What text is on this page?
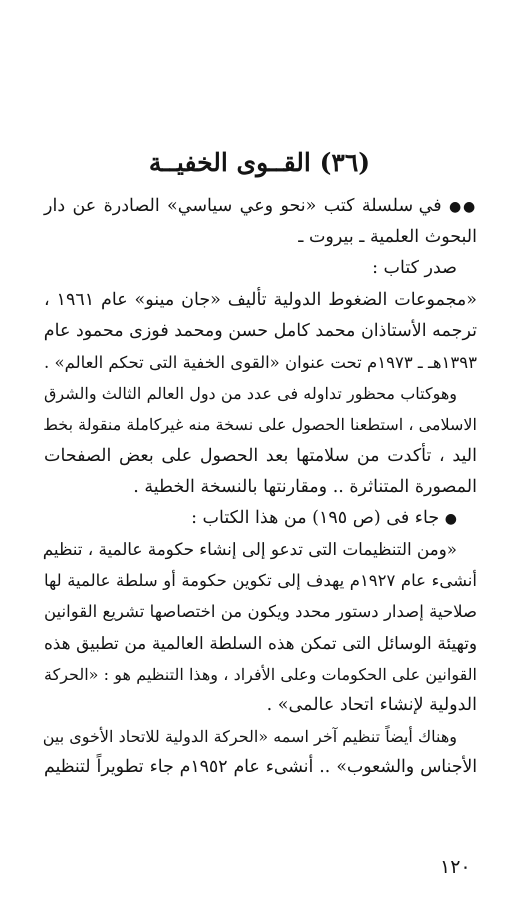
(٣٦) القــوى الخفيــة
●● في سلسلة كتب «نحو وعي سياسي» الصادرة عن دار
البحوث العلمية ـ بيروت ـ
صدر كتاب :
«مجموعات الضغوط الدولية تأليف «جان مينو» عام ١٩٦١ ،
ترجمه الأستاذان محمد كامل حسن ومحمد فوزى محمود عام
١٣٩٣هـ ـ ١٩٧٣م تحت عنوان «القوى الخفية التى تحكم العالم» .
وهوكتاب محظور تداوله فى عدد من دول العالم الثالث والشرق
الاسلامى ، استطعنا الحصول على نسخة منه غيركاملة منقولة بخط
اليد ، تأكدت من سلامتها بعد الحصول على بعض الصفحات
المصورة المتناثرة .. ومقارنتها بالنسخة الخطية .
● جاء فى (ص ١٩٥) من هذا الكتاب :
«ومن التنظيمات التى تدعو إلى إنشاء حكومة عالمية ، تنظيم
أنشىء عام ١٩٢٧م يهدف إلى تكوين حكومة أو سلطة عالمية لها
صلاحية إصدار دستور محدد ويكون من اختصاصها تشريع القوانين
وتهيئة الوسائل التى تمكن هذه السلطة العالمية من تطبيق هذه
القوانين على الحكومات وعلى الأفراد ، وهذا التنظيم هو : «الحركة
الدولية لإنشاء اتحاد عالمى» .
وهناك أيضاً تنظيم آخر اسمه «الحركة الدولية للاتحاد الأخوى بين
الأجناس والشعوب» .. أنشىء عام ١٩٥٢م جاء تطويراً لتنظيم
١٢٠
